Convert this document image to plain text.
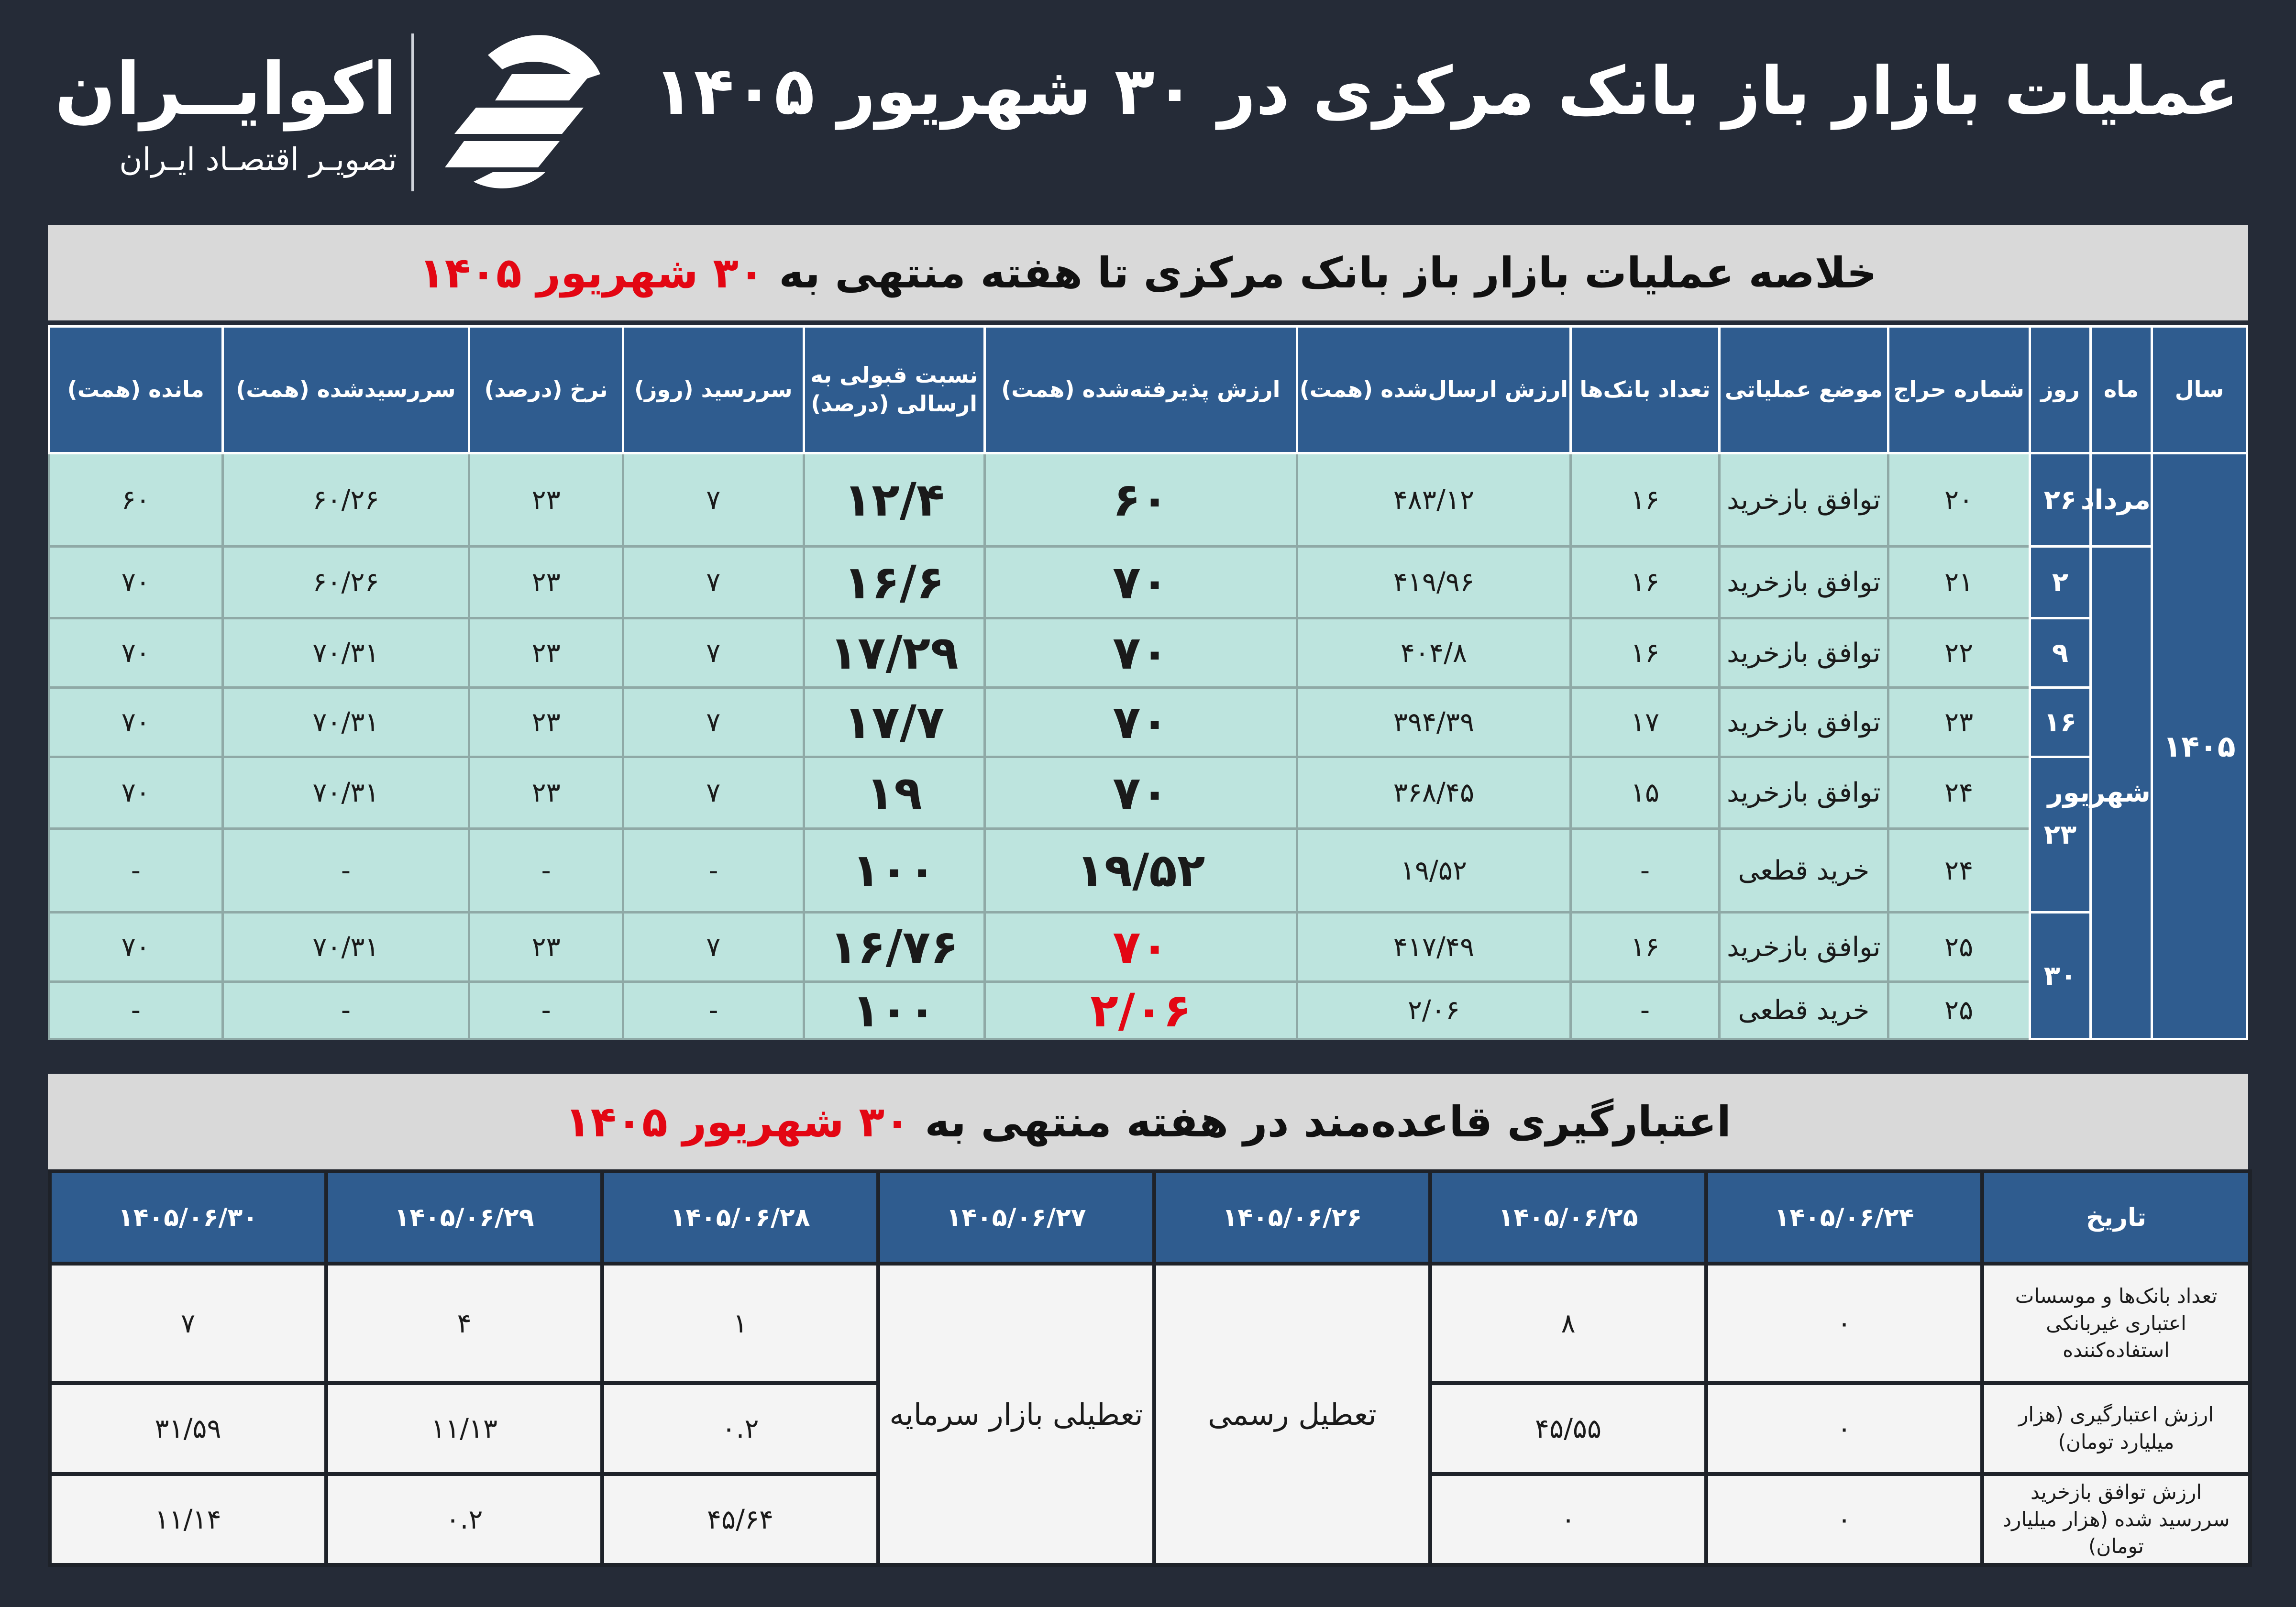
عملیات بازار باز بانک مرکزی در ۳۰ شهریور ۱۴۰۵
اکوایــران
تصویـر اقتصـاد ایـران
خلاصه عملیات بازار باز بانک مرکزی تا هفته منتهی به

۳۰ شهریور ۱۴۰۵
سال	ماه	روز	شماره حراج	موضع عملیاتی	تعداد بانک‌ها	ارزش ارسال‌شده (همت)	ارزش پذیرفته‌شده (همت)	نسبت قبولی به ارسالی (درصد)	سررسید (روز)	نرخ (درصد)	سررسیدشده (همت)	مانده (همت)
۱۴۰۵	مرداد	۲۶	۲۰	توافق بازخرید	۱۶	۴۸۳/۱۲	۶۰	۱۲/۴	۷	۲۳	۶۰/۲۶	۶۰
	شهریور	۲	۲۱	توافق بازخرید	۱۶	۴۱۹/۹۶	۷۰	۱۶/۶	۷	۲۳	۶۰/۲۶	۷۰
		۹	۲۲	توافق بازخرید	۱۶	۴۰۴/۸	۷۰	۱۷/۲۹	۷	۲۳	۷۰/۳۱	۷۰
		۱۶	۲۳	توافق بازخرید	۱۷	۳۹۴/۳۹	۷۰	۱۷/۷	۷	۲۳	۷۰/۳۱	۷۰
		۲۳	۲۴	توافق بازخرید	۱۵	۳۶۸/۴۵	۷۰	۱۹	۷	۲۳	۷۰/۳۱	۷۰
			۲۴	خرید قطعی	-	۱۹/۵۲	۱۹/۵۲	۱۰۰	-	-	-	-
		۳۰	۲۵	توافق بازخرید	۱۶	۴۱۷/۴۹	۷۰	۱۶/۷۶	۷	۲۳	۷۰/۳۱	۷۰
			۲۵	خرید قطعی	-	۲/۰۶	۲/۰۶	۱۰۰	-	-	-	-
اعتبارگیری قاعده‌مند در هفته منتهی به

۳۰ شهریور ۱۴۰۵
تاریخ	۱۴۰۵/۰۶/۲۴	۱۴۰۵/۰۶/۲۵	۱۴۰۵/۰۶/۲۶	۱۴۰۵/۰۶/۲۷	۱۴۰۵/۰۶/۲۸	۱۴۰۵/۰۶/۲۹	۱۴۰۵/۰۶/۳۰
تعداد بانک‌ها و موسسات اعتباری غیربانکی استفاده‌کننده	۰	۸	تعطیل رسمی	تعطیلی بازار سرمایه	۱	۴	۷
ارزش اعتبارگیری (هزار میلیارد تومان)	۰	۴۵/۵۵			۰.۲	۱۱/۱۳	۳۱/۵۹
ارزش توافق بازخرید سررسید شده (هزار میلیارد تومان)	۰	۰			۴۵/۶۴	۰.۲	۱۱/۱۴
